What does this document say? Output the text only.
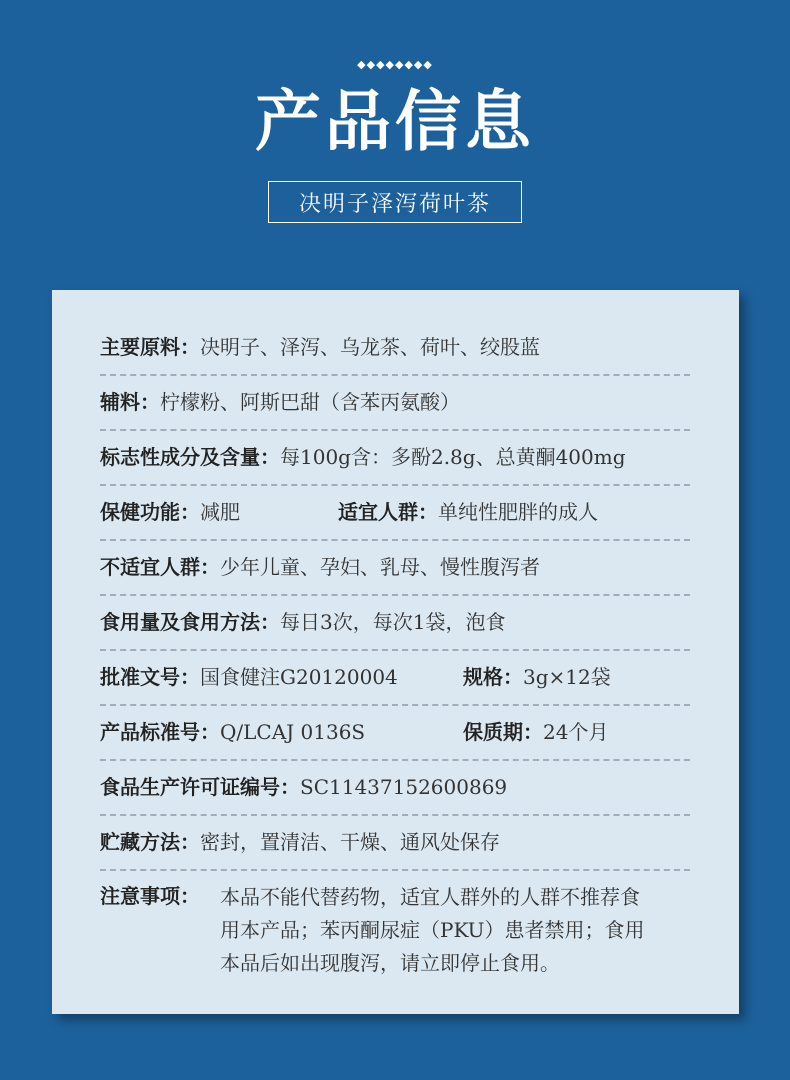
◆◆◆◆◆◆◆◆
产品信息
决明子泽泻荷叶茶
主要原料：决明子、泽泻、乌龙茶、荷叶、绞股蓝
辅料：柠檬粉、阿斯巴甜（含苯丙氨酸）
标志性成分及含量：每100g含：多酚2.8g、总黄酮400mg
保健功能：减肥	适宜人群：单纯性肥胖的成人
不适宜人群：少年儿童、孕妇、乳母、慢性腹泻者
食用量及食用方法：每日3次，每次1袋，泡食
批准文号：国食健注G20120004	规格：3g×12袋
产品标准号：Q/LCAJ 0136S	保质期：24个月
食品生产许可证编号：SC11437152600869
贮藏方法：密封，置清洁、干燥、通风处保存
注意事项： 本品不能代替药物，适宜人群外的人群不推荐食
用本产品；苯丙酮尿症（PKU）患者禁用；食用
本品后如出现腹泻，请立即停止食用。
